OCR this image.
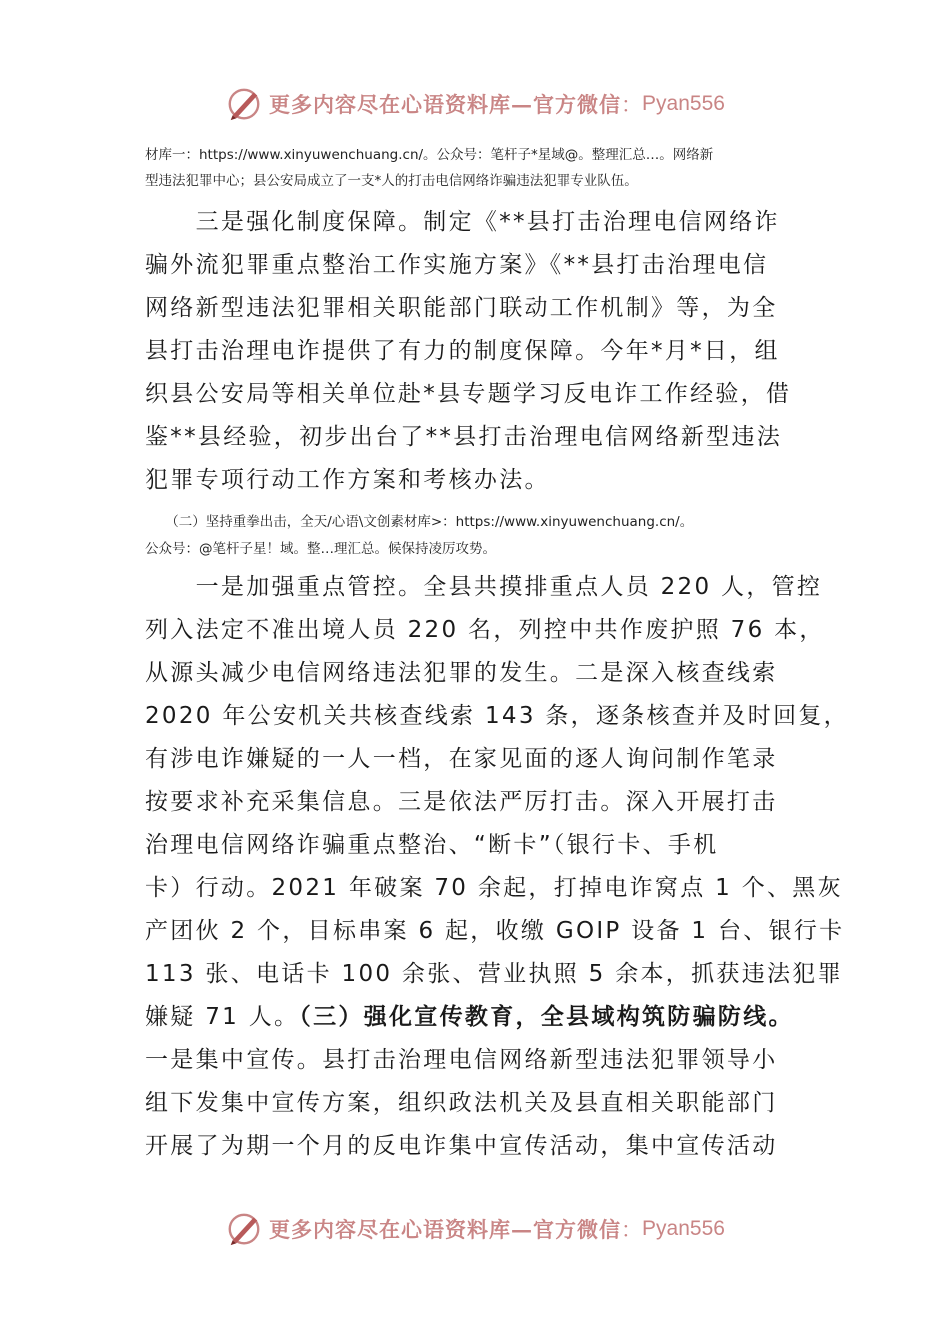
更多内容尽在心语资料库—官方微信 ： Pyan556
材库一：https://www.xinyuwenchuang.cn/。公众号：笔杆子*星域@。整理汇总…。网络新
型违法犯罪中心；县公安局成立了一支*人的打击电信网络诈骗违法犯罪专业队伍。
　　三是强化制度保障。制定《**县打击治理电信网络诈
骗外流犯罪重点整治工作实施方案》《**县打击治理电信
网络新型违法犯罪相关职能部门联动工作机制》等，为全
县打击治理电诈提供了有力的制度保障。今年*月*日，组
织县公安局等相关单位赴*县专题学习反电诈工作经验，借
鉴**县经验，初步出台了**县打击治理电信网络新型违法
犯罪专项行动工作方案和考核办法。
　　（二）坚持重拳出击，全天/心语\文创素材库>：https://www.xinyuwenchuang.cn/。
公众号：@笔杆子星！域。整…理汇总。候保持凌厉攻势。
　　一是加强重点管控。全县共摸排重点人员 220 人，管控
列入法定不准出境人员 220 名，列控中共作废护照 76 本，
从源头减少电信网络违法犯罪的发生。二是深入核查线索
2020 年公安机关共核查线索 143 条，逐条核查并及时回复，
有涉电诈嫌疑的一人一档，在家见面的逐人询问制作笔录
按要求补充采集信息。三是依法严厉打击。深入开展打击
治理电信网络诈骗重点整治、“断卡”（银行卡、手机
卡）行动。2021 年破案 70 余起，打掉电诈窝点 1 个、黑灰
产团伙 2 个，目标串案 6 起，收缴 GOIP 设备 1 台、银行卡
113 张、电话卡 100 余张、营业执照 5 余本，抓获违法犯罪
嫌疑 71 人。（三）强化宣传教育，全县域构筑防骗防线。
一是集中宣传。县打击治理电信网络新型违法犯罪领导小
组下发集中宣传方案，组织政法机关及县直相关职能部门
开展了为期一个月的反电诈集中宣传活动，集中宣传活动
更多内容尽在心语资料库—官方微信 ： Pyan556
